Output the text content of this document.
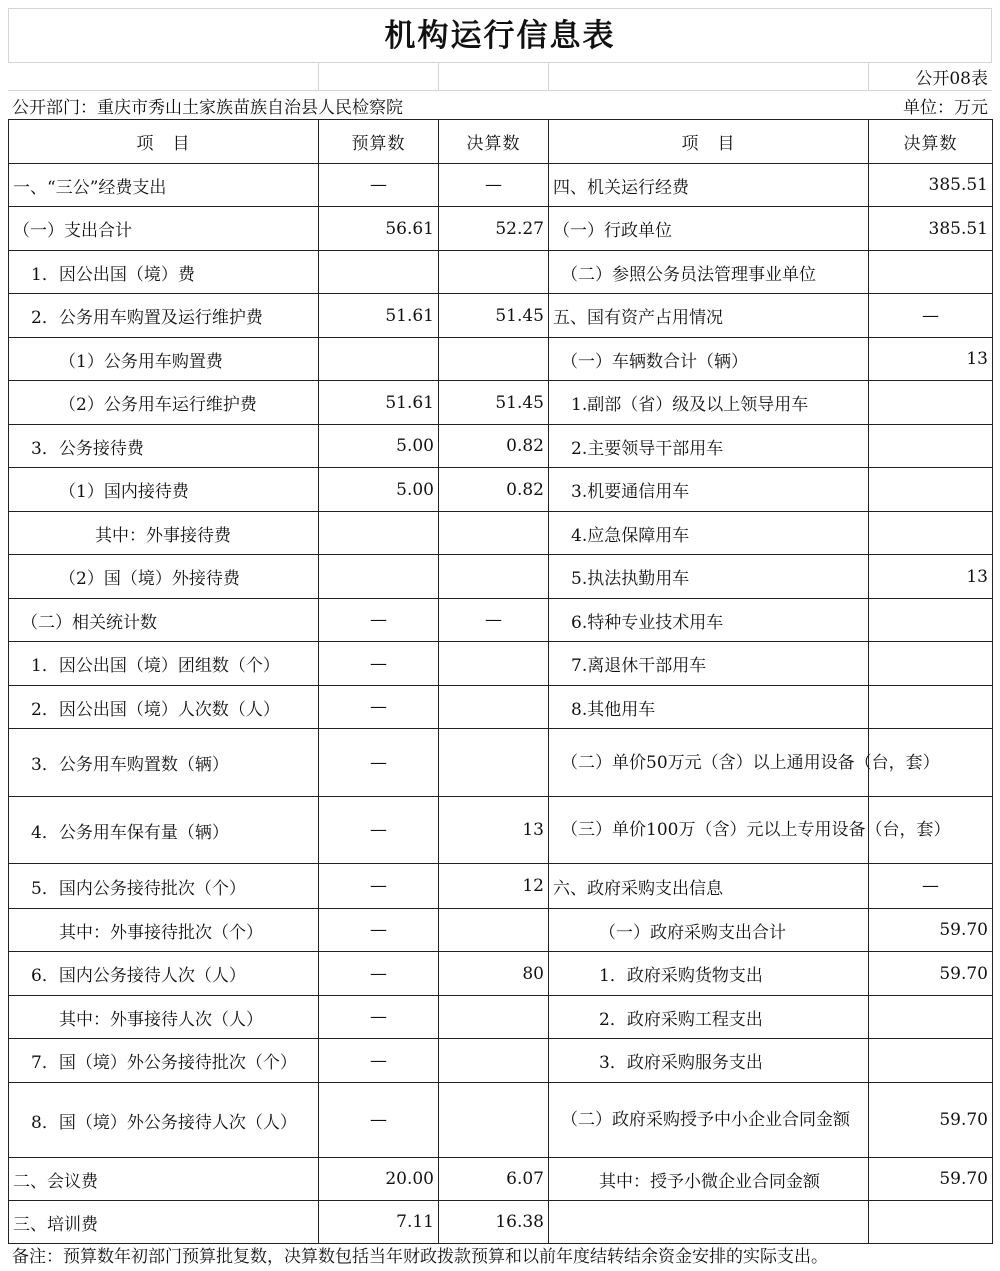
机构运行信息表
公开08表
公开部门：重庆市秀山土家族苗族自治县人民检察院	单位：万元
项　目	预算数	决算数	项　目	决算数
一、“三公”经费支出	—	—	四、机关运行经费	385.51
（一）支出合计	56.61	52.27	（一）行政单位	385.51
1．因公出国（境）费			（二）参照公务员法管理事业单位	
2．公务用车购置及运行维护费	51.61	51.45	五、国有资产占用情况	—
（1）公务用车购置费			（一）车辆数合计（辆）	13
（2）公务用车运行维护费	51.61	51.45	1.副部（省）级及以上领导用车	
3．公务接待费	5.00	0.82	2.主要领导干部用车	
（1）国内接待费	5.00	0.82	3.机要通信用车	
其中：外事接待费			4.应急保障用车	
（2）国（境）外接待费			5.执法执勤用车	13
（二）相关统计数	—	—	6.特种专业技术用车	
1．因公出国（境）团组数（个）	—		7.离退休干部用车	
2．因公出国（境）人次数（人）	—		8.其他用车	
3．公务用车购置数（辆）	—		（二）单价50万元（含）以上通用设备（台，套）	
4．公务用车保有量（辆）	—	13	（三）单价100万（含）元以上专用设备（台，套）	
5．国内公务接待批次（个）	—	12	六、政府采购支出信息	—
其中：外事接待批次（个）	—		（一）政府采购支出合计	59.70
6．国内公务接待人次（人）	—	80	1．政府采购货物支出	59.70
其中：外事接待人次（人）	—		2．政府采购工程支出	
7．国（境）外公务接待批次（个）	—		3．政府采购服务支出	
8．国（境）外公务接待人次（人）	—		（二）政府采购授予中小企业合同金额	59.70
二、会议费	20.00	6.07	其中：授予小微企业合同金额	59.70
三、培训费	7.11	16.38		
备注：预算数年初部门预算批复数，决算数包括当年财政拨款预算和以前年度结转结余资金安排的实际支出。
